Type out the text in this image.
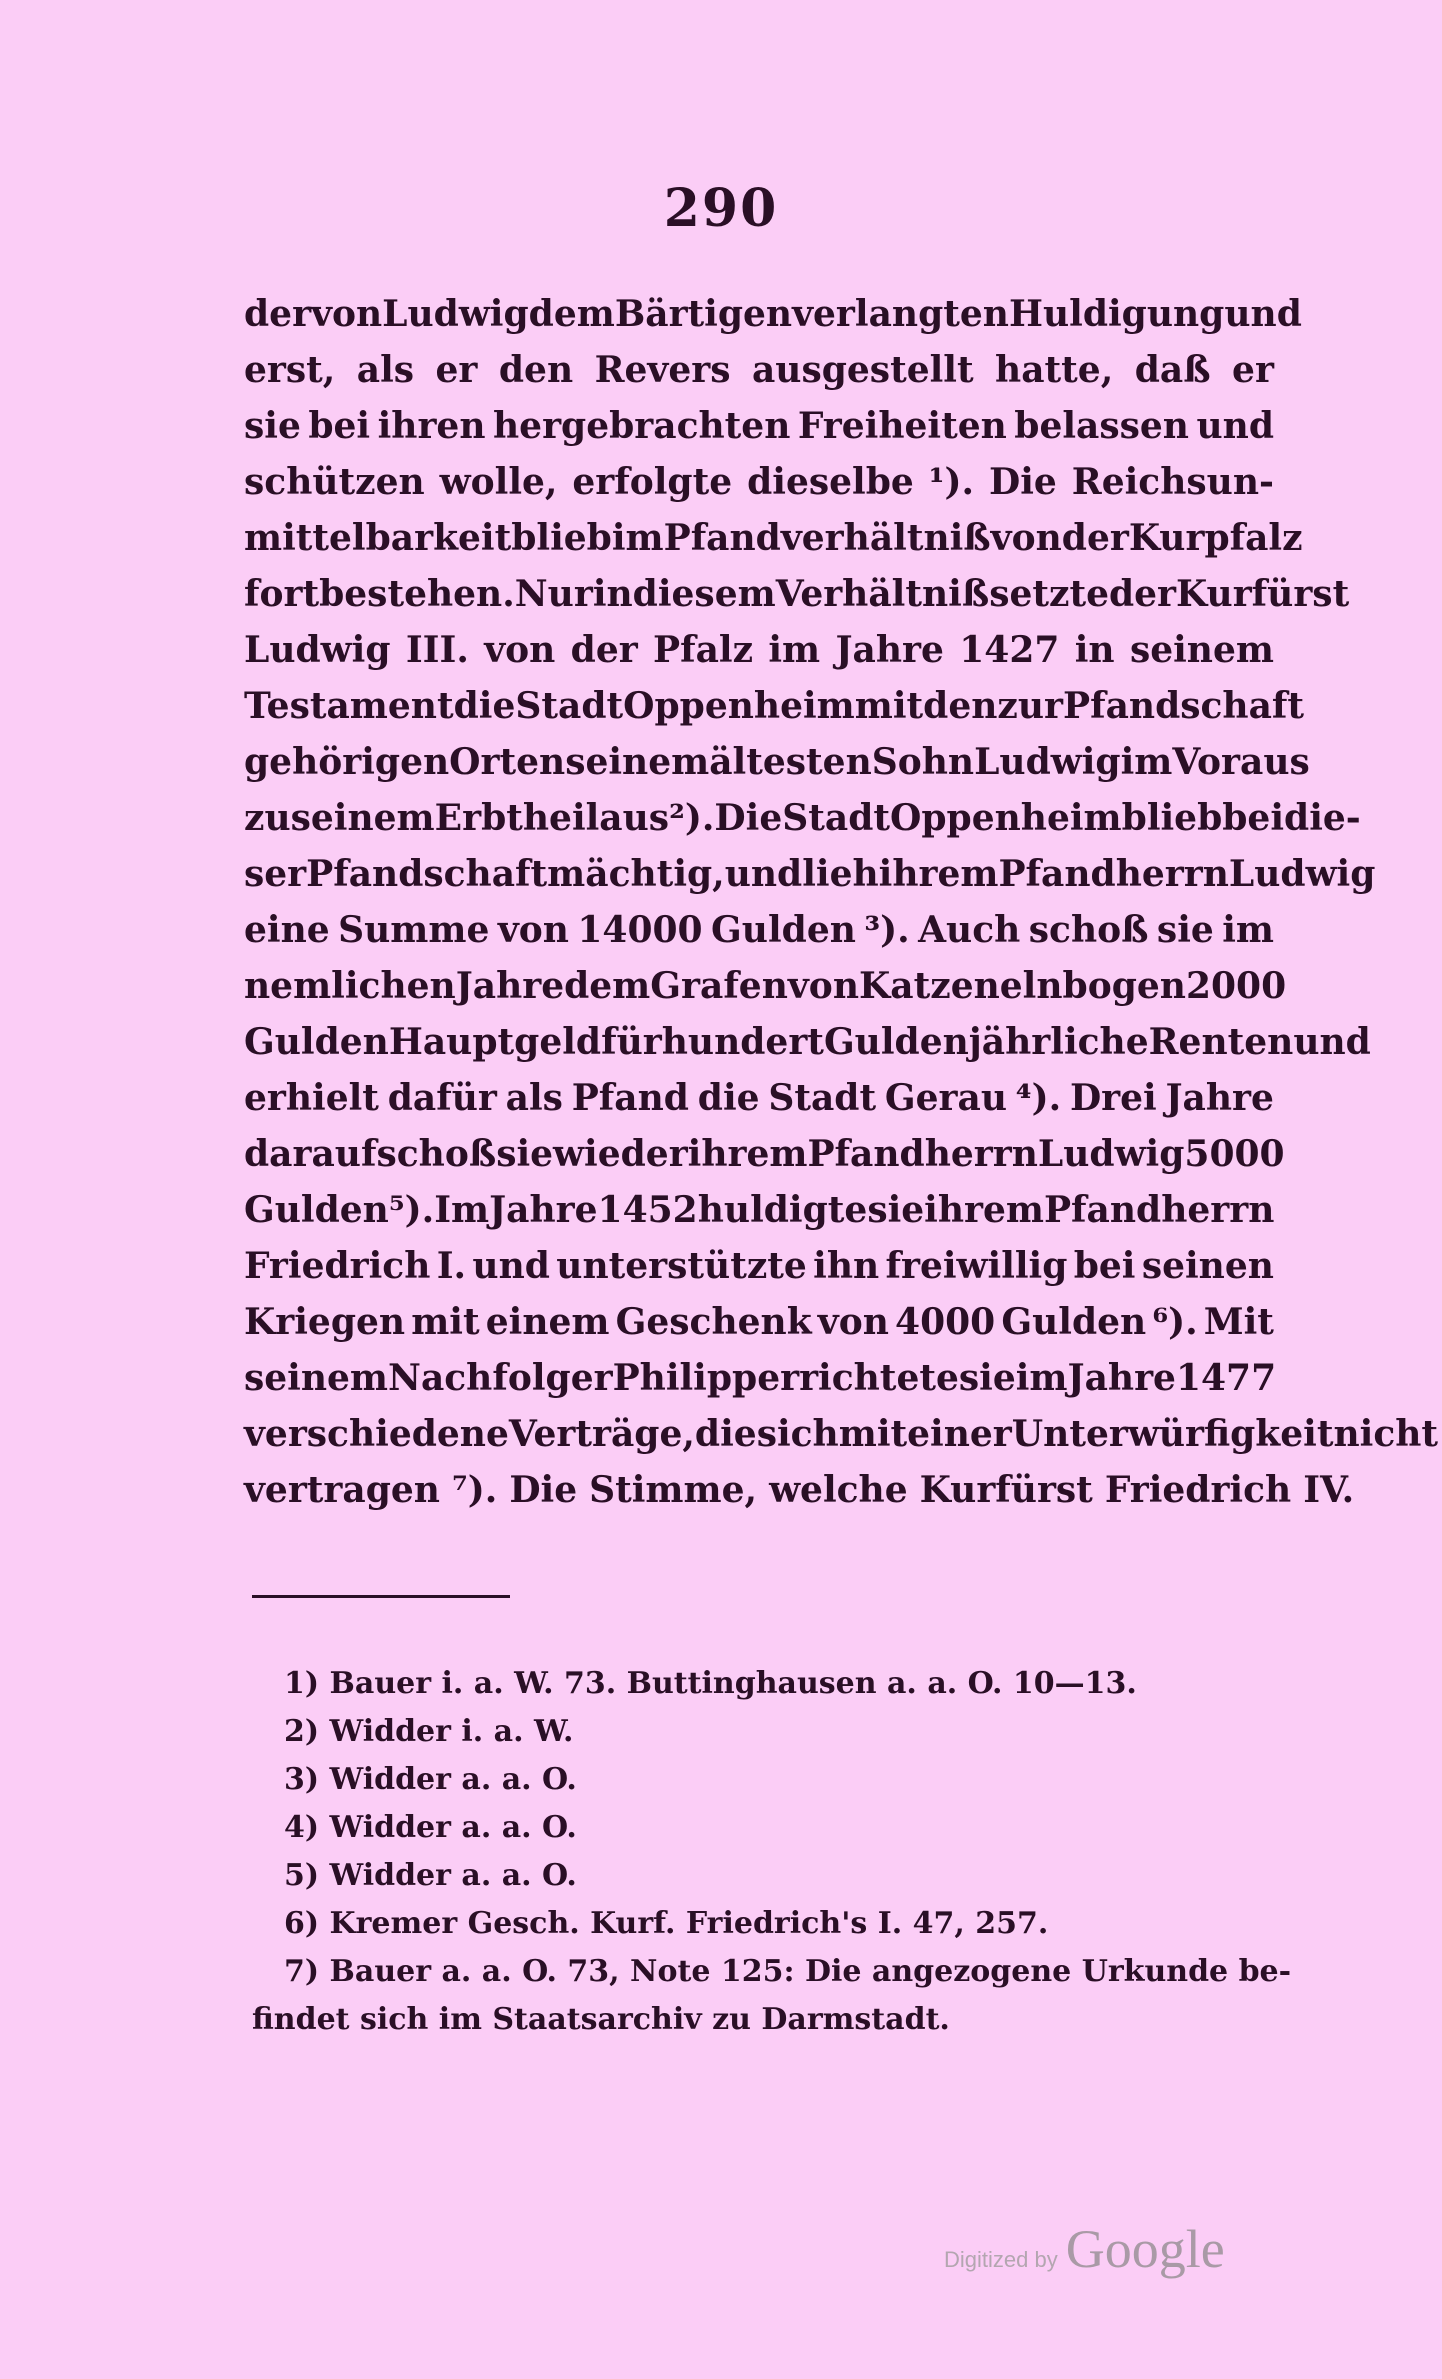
290
der von Ludwig dem Bärtigen verlangten Huldigung und
erst, als er den Revers ausgestellt hatte, daß er
sie bei ihren hergebrachten Freiheiten belassen und
schützen wolle, erfolgte dieselbe ¹). Die Reichsun-
mittelbarkeit blieb im Pfandverhältniß von der Kurpfalz
fortbestehen. Nur in diesem Verhältniß setzte der Kurfürst
Ludwig III. von der Pfalz im Jahre 1427 in seinem
Testament die Stadt Oppenheim mit den zur Pfandschaft
gehörigen Orten seinem ältesten Sohn Ludwig im Voraus
zu seinem Erbtheil aus ²). Die Stadt Oppenheim blieb bei die-
ser Pfandschaft mächtig, und lieh ihrem Pfandherrn Ludwig
eine Summe von 14000 Gulden ³). Auch schoß sie im
nemlichen Jahre dem Grafen von Katzenelnbogen 2000
Gulden Hauptgeld für hundert Gulden jährliche Renten und
erhielt dafür als Pfand die Stadt Gerau ⁴). Drei Jahre
darauf schoß sie wieder ihrem Pfandherrn Ludwig 5000
Gulden ⁵). Im Jahre 1452 huldigte sie ihrem Pfandherrn
Friedrich I. und unterstützte ihn freiwillig bei seinen
Kriegen mit einem Geschenk von 4000 Gulden ⁶). Mit
seinem Nachfolger Philipp errichtete sie im Jahre 1477
verschiedene Verträge, die sich mit einer Unterwürfigkeit nicht
vertragen ⁷). Die Stimme, welche Kurfürst Friedrich IV.
1) Bauer i. a. W. 73. Buttinghausen a. a. O. 10—13.
2) Widder i. a. W.
3) Widder a. a. O.
4) Widder a. a. O.
5) Widder a. a. O.
6) Kremer Gesch. Kurf. Friedrich's I. 47, 257.
7) Bauer a. a. O. 73, Note 125: Die angezogene Urkunde be-
findet sich im Staatsarchiv zu Darmstadt.
Digitized by Google
